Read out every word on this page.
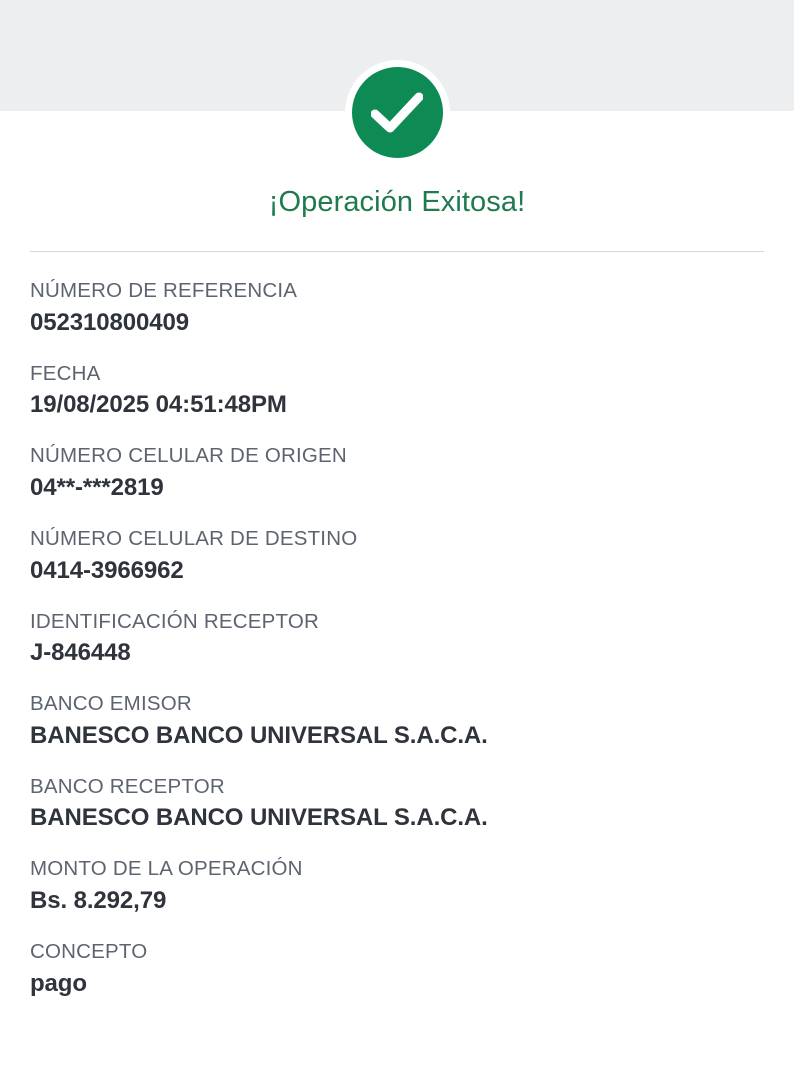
¡Operación Exitosa!
NÚMERO DE REFERENCIA
052310800409
FECHA
19/08/2025 04:51:48PM
NÚMERO CELULAR DE ORIGEN
04**-***2819
NÚMERO CELULAR DE DESTINO
0414-3966962
IDENTIFICACIÓN RECEPTOR
J-846448
BANCO EMISOR
BANESCO BANCO UNIVERSAL S.A.C.A.
BANCO RECEPTOR
BANESCO BANCO UNIVERSAL S.A.C.A.
MONTO DE LA OPERACIÓN
Bs. 8.292,79
CONCEPTO
pago
